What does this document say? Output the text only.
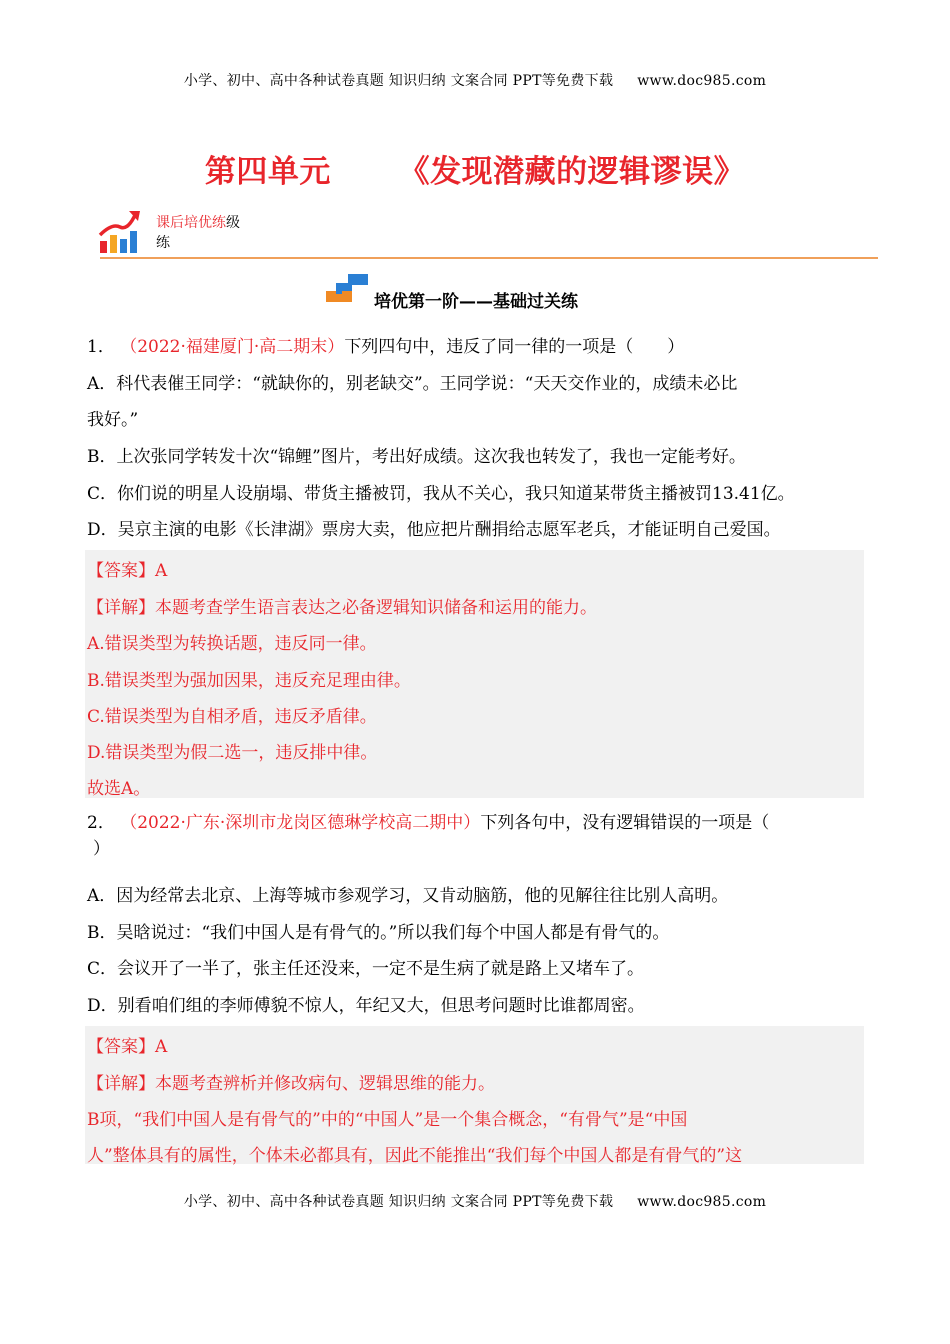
小学、初中、高中各种试卷真题 知识归纳 文案合同 PPT等免费下载 www.doc985.com
第四单元      《发现潜藏的逻辑谬误》
课后培优练级
练
培优第一阶——基础过关练
1． （2022·福建厦门·高二期末）下列四句中，违反了同一律的一项是（　　）
A．科代表催王同学：“就缺你的，别老缺交”。王同学说：“天天交作业的，成绩未必比
我好。”
B．上次张同学转发十次“锦鲤”图片，考出好成绩。这次我也转发了，我也一定能考好。
C．你们说的明星人设崩塌、带货主播被罚，我从不关心，我只知道某带货主播被罚13.41亿。
D．吴京主演的电影《长津湖》票房大卖，他应把片酬捐给志愿军老兵，才能证明自己爱国。
【答案】A
【详解】本题考查学生语言表达之必备逻辑知识储备和运用的能力。
A.错误类型为转换话题，违反同一律。
B.错误类型为强加因果，违反充足理由律。
C.错误类型为自相矛盾，违反矛盾律。
D.错误类型为假二选一，违反排中律。
故选A。
2． （2022·广东·深圳市龙岗区德琳学校高二期中）下列各句中，没有逻辑错误的一项是（
）
A．因为经常去北京、上海等城市参观学习，又肯动脑筋，他的见解往往比别人高明。
B．吴晗说过：“我们中国人是有骨气的。”所以我们每个中国人都是有骨气的。
C．会议开了一半了，张主任还没来，一定不是生病了就是路上又堵车了。
D．别看咱们组的李师傅貌不惊人，年纪又大，但思考问题时比谁都周密。
【答案】A
【详解】本题考查辨析并修改病句、逻辑思维的能力。
B项，“我们中国人是有骨气的”中的“中国人”是一个集合概念，“有骨气”是“中国
人”整体具有的属性，个体未必都具有，因此不能推出“我们每个中国人都是有骨气的”这
小学、初中、高中各种试卷真题 知识归纳 文案合同 PPT等免费下载 www.doc985.com
